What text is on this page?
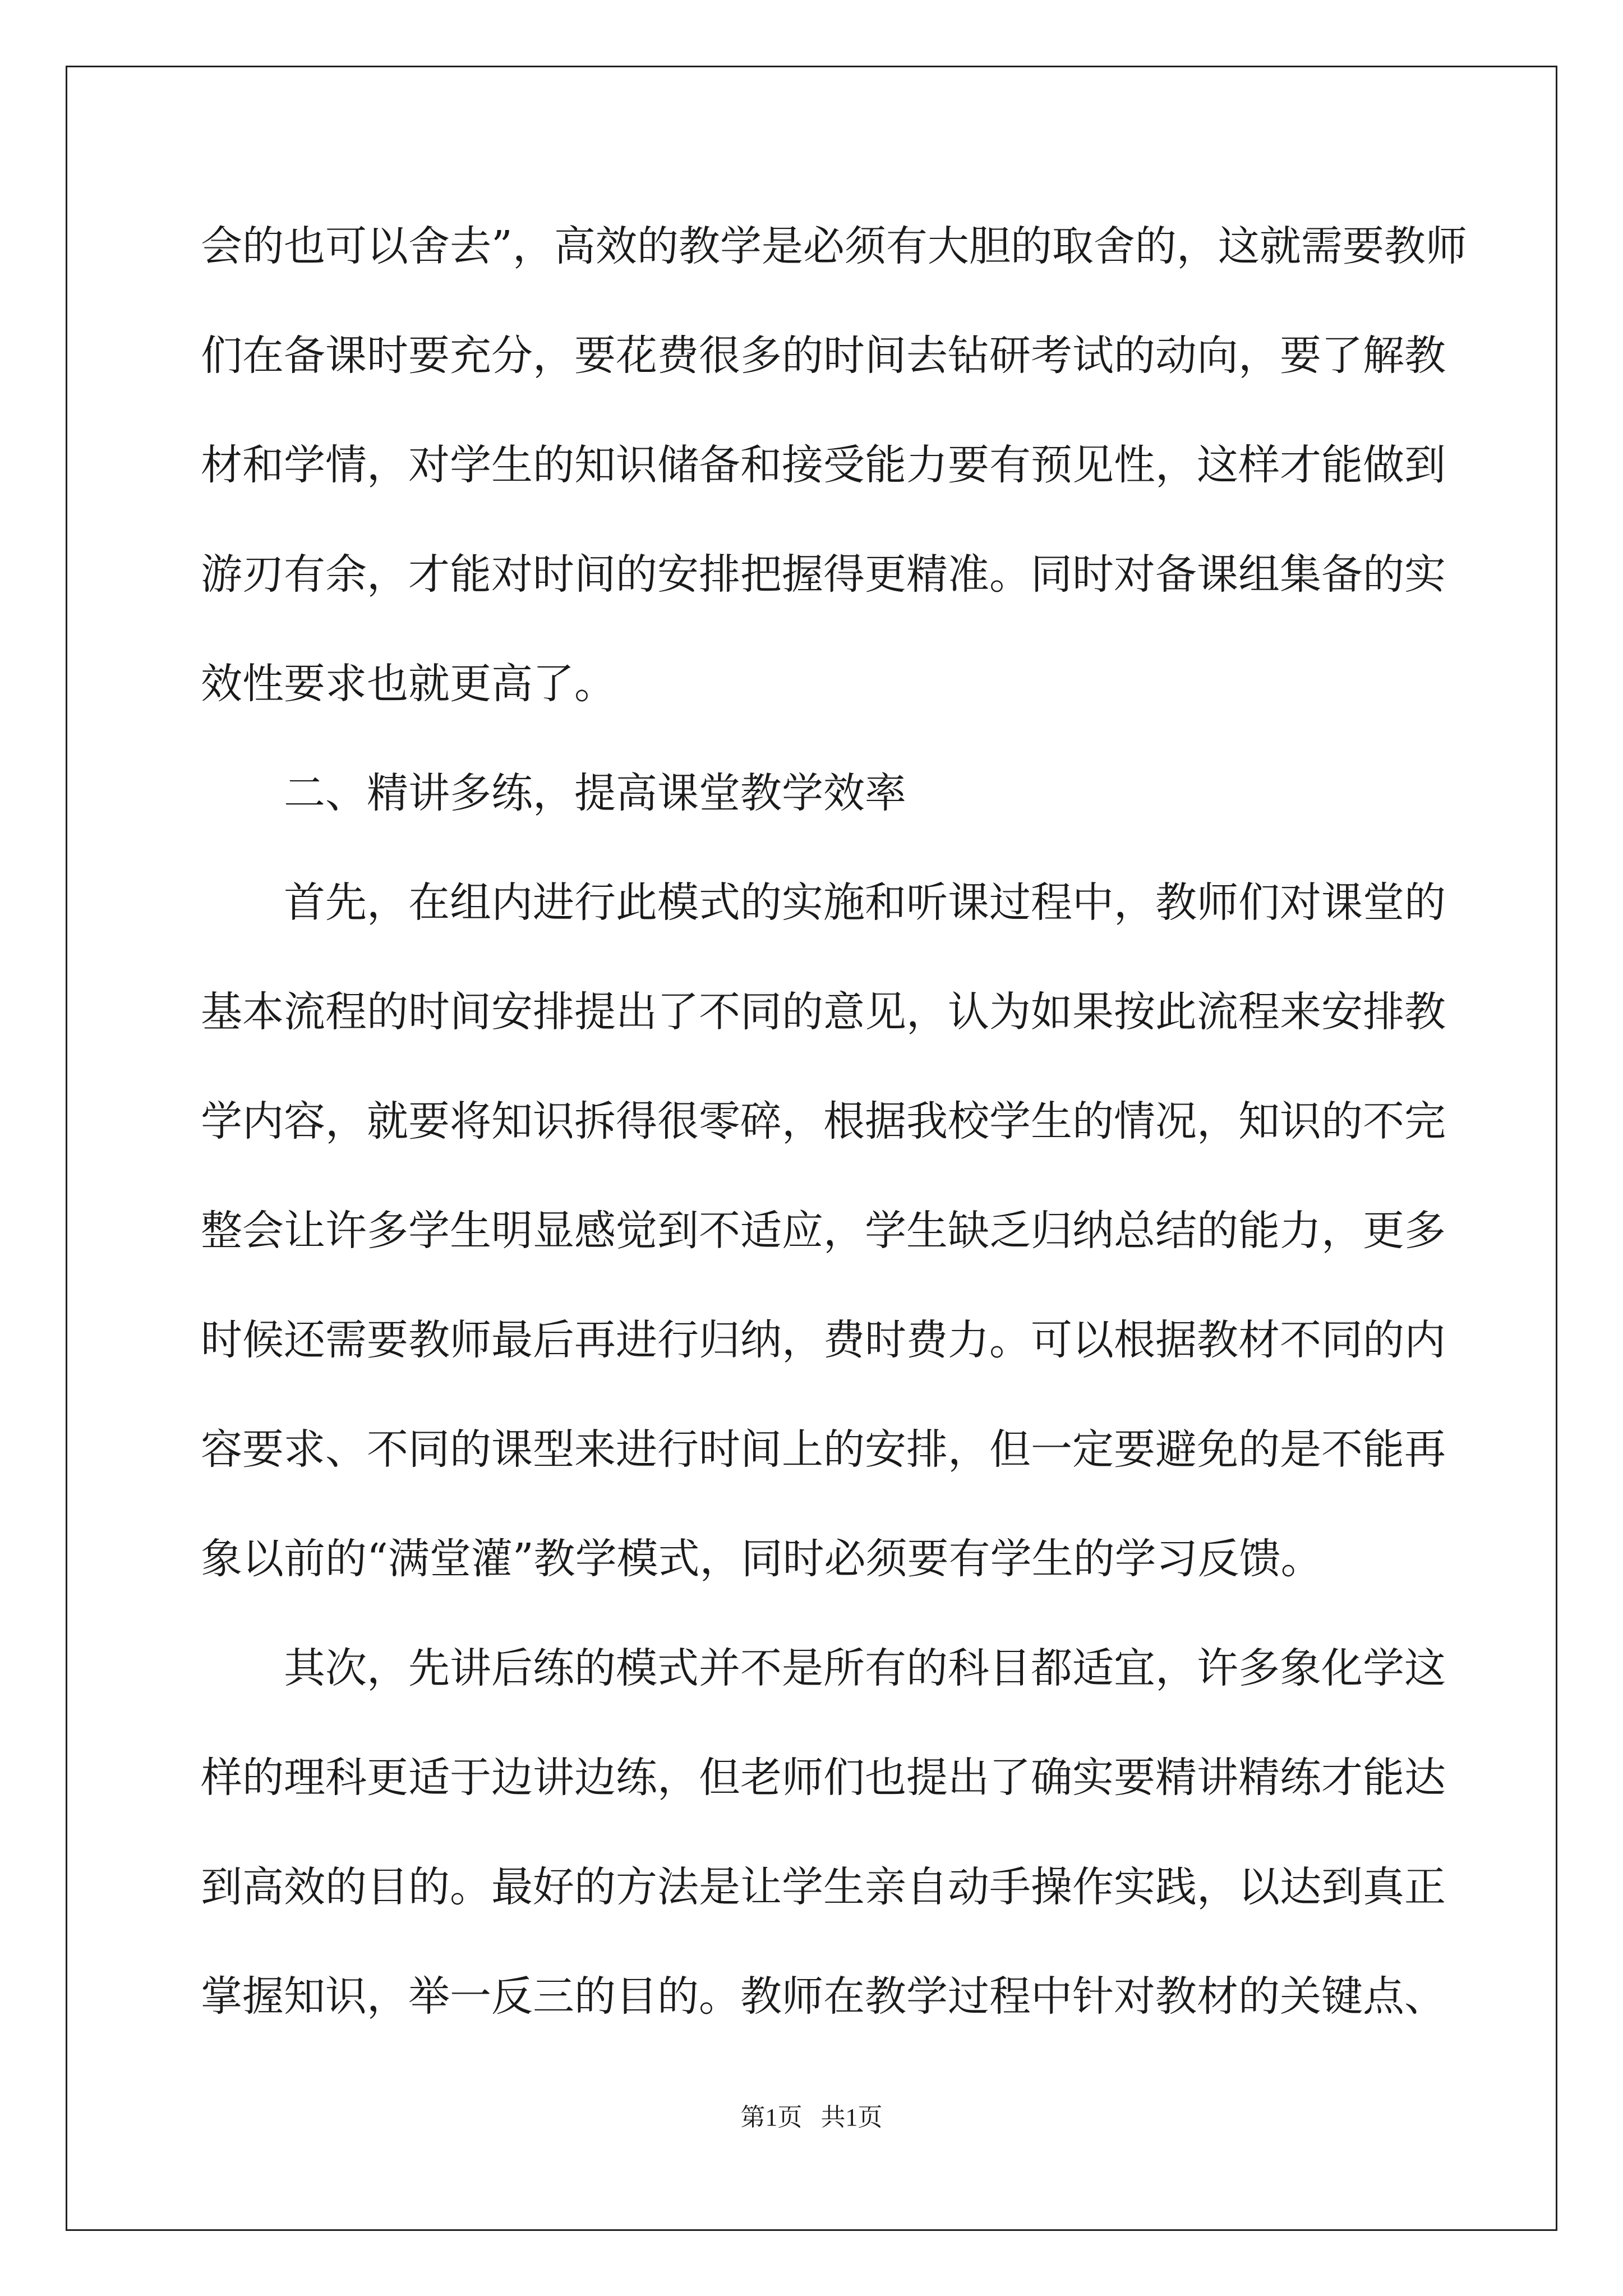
会的也可以舍去”，高效的教学是必须有大胆的取舍的，这就需要教师
们在备课时要充分，要花费很多的时间去钻研考试的动向，要了解教
材和学情，对学生的知识储备和接受能力要有预见性，这样才能做到
游刃有余，才能对时间的安排把握得更精准。同时对备课组集备的实
效性要求也就更高了。
二、精讲多练，提高课堂教学效率
首先，在组内进行此模式的实施和听课过程中，教师们对课堂的
基本流程的时间安排提出了不同的意见，认为如果按此流程来安排教
学内容，就要将知识拆得很零碎，根据我校学生的情况，知识的不完
整会让许多学生明显感觉到不适应，学生缺乏归纳总结的能力，更多
时候还需要教师最后再进行归纳，费时费力。可以根据教材不同的内
容要求、不同的课型来进行时间上的安排，但一定要避免的是不能再
象以前的“满堂灌”教学模式，同时必须要有学生的学习反馈。
其次，先讲后练的模式并不是所有的科目都适宜，许多象化学这
样的理科更适于边讲边练，但老师们也提出了确实要精讲精练才能达
到高效的目的。最好的方法是让学生亲自动手操作实践，以达到真正
掌握知识，举一反三的目的。教师在教学过程中针对教材的关键点、
第1页   共1页
